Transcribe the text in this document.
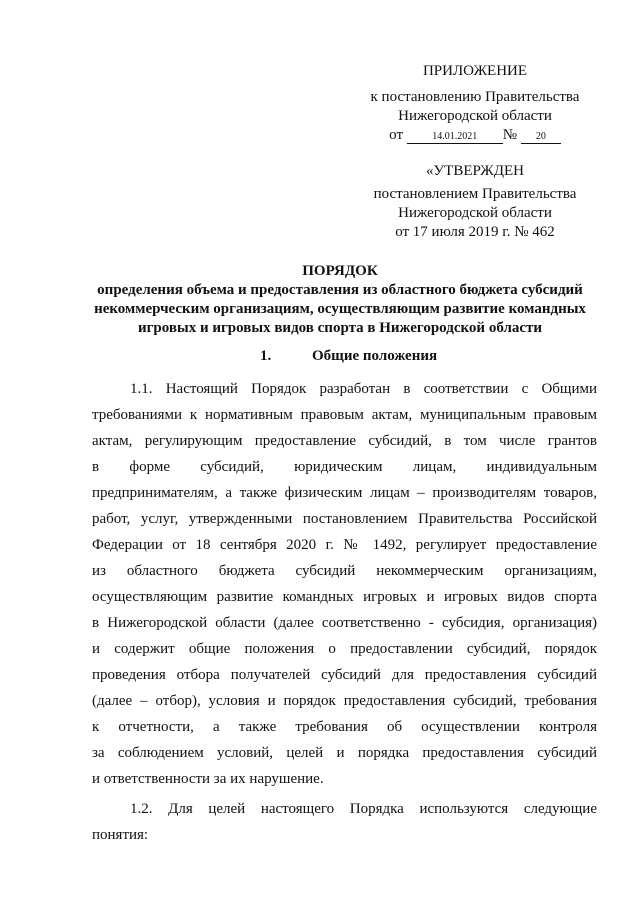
ПРИЛОЖЕНИЕ
к постановлению Правительства
Нижегородской области
от	14.01.2021 № 20
«УТВЕРЖДЕН
постановлением Правительства
Нижегородской области
от 17 июля 2019 г. № 462
ПОРЯДОК
определения объема и предоставления из областного бюджета субсидий
некоммерческим организациям, осуществляющим развитие командных
игровых и игровых видов спорта в Нижегородской области
1.	Общие положения
1.1. Настоящий Порядок разработан в соответствии с Общими
требованиями к нормативным правовым актам, муниципальным правовым
актам, регулирующим предоставление субсидий, в том числе грантов
в форме субсидий, юридическим лицам, индивидуальным
предпринимателям, а также физическим лицам – производителям товаров,
работ, услуг, утвержденными постановлением Правительства Российской
Федерации от 18 сентября 2020 г. № 1492, регулирует предоставление
из областного бюджета субсидий некоммерческим организациям,
осуществляющим развитие командных игровых и игровых видов спорта
в Нижегородской области (далее соответственно - субсидия, организация)
и содержит общие положения о предоставлении субсидий, порядок
проведения отбора получателей субсидий для предоставления субсидий
(далее – отбор), условия и порядок предоставления субсидий, требования
к отчетности, а также требования об осуществлении контроля
за соблюдением условий, целей и порядка предоставления субсидий
и ответственности за их нарушение.
1.2. Для целей настоящего Порядка используются следующие
понятия:
